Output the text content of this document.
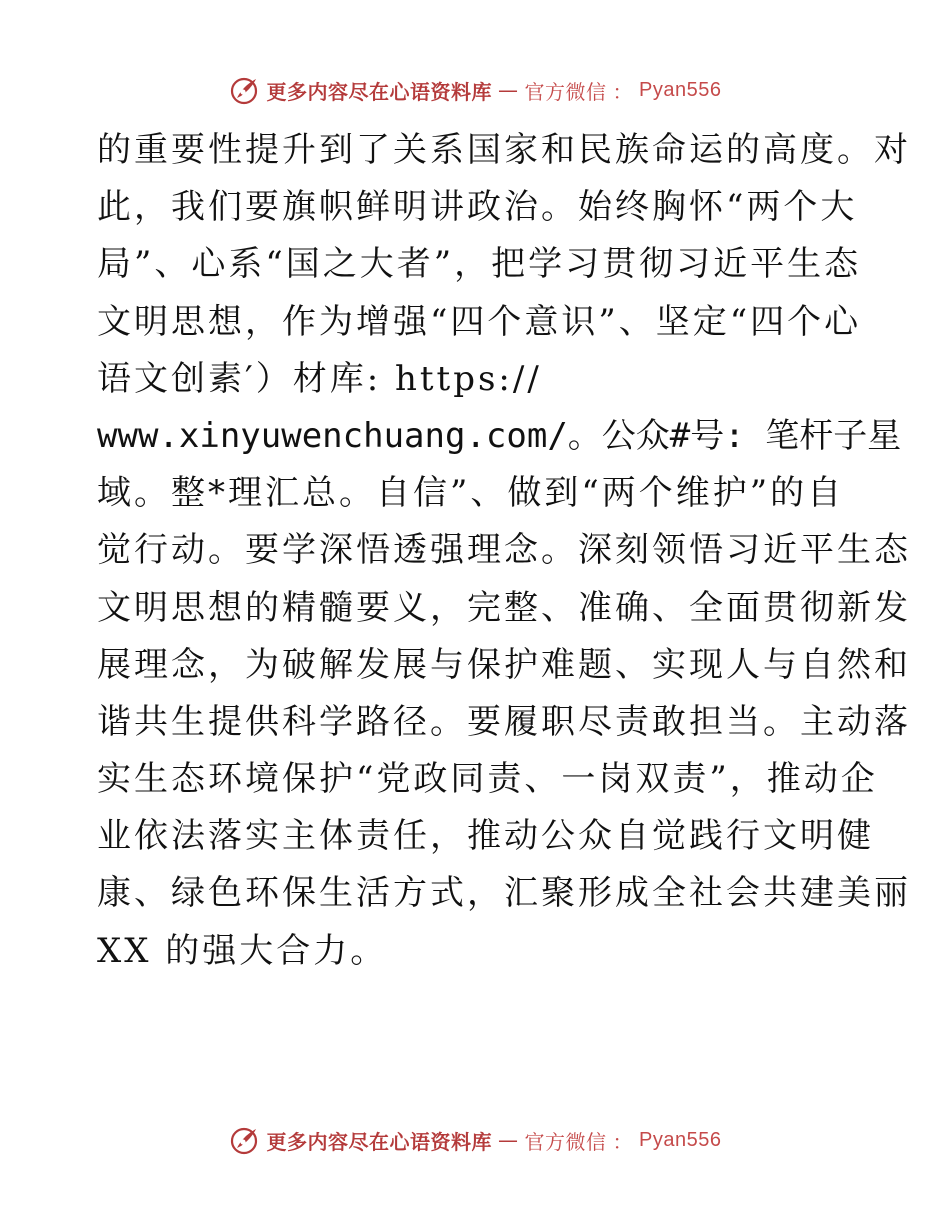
更多内容尽在心语资料库 — 官方微信 ： Pyan556
的重要性提升到了关系国家和民族命运的高度。对
此，我们要旗帜鲜明讲政治。始终胸怀“两个大
局”、心系“国之大者”，把学习贯彻习近平生态
文明思想，作为增强“四个意识”、坚定“四个心
语文创素′）材库: https://
www.xinyuwenchuang.com/。公众#号: 笔杆子星
域。整*理汇总。自信”、做到“两个维护”的自
觉行动。要学深悟透强理念。深刻领悟习近平生态
文明思想的精髓要义，完整、准确、全面贯彻新发
展理念，为破解发展与保护难题、实现人与自然和
谐共生提供科学路径。要履职尽责敢担当。主动落
实生态环境保护“党政同责、一岗双责”，推动企
业依法落实主体责任，推动公众自觉践行文明健
康、绿色环保生活方式，汇聚形成全社会共建美丽
XX 的强大合力。
更多内容尽在心语资料库 — 官方微信 ： Pyan556
